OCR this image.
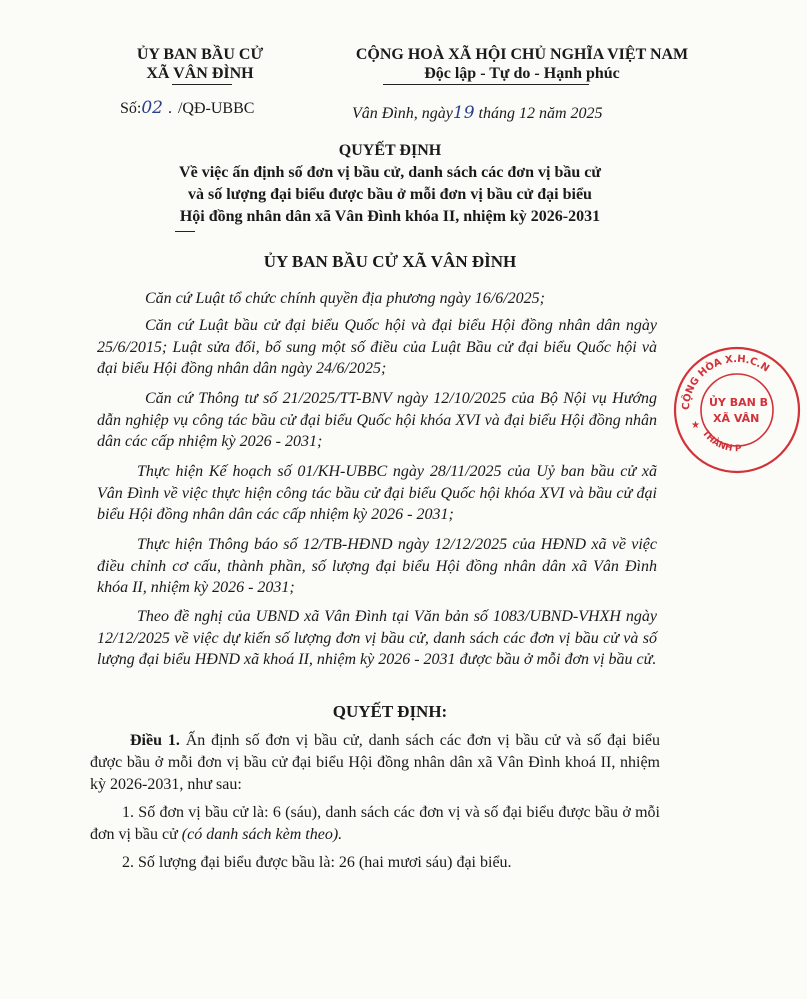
ỦY BAN BẦU CỬ
XÃ VÂN ĐÌNH
CỘNG HOÀ XÃ HỘI CHỦ NGHĨA VIỆT NAM
Độc lập - Tự do - Hạnh phúc
Số:02 . /QĐ-UBBC	Vân Đình, ngày19 tháng 12 năm 2025
QUYẾT ĐỊNH
Về việc ấn định số đơn vị bầu cử, danh sách các đơn vị bầu cử
và số lượng đại biểu được bầu ở mỗi đơn vị bầu cử đại biểu
Hội đồng nhân dân xã Vân Đình khóa II, nhiệm kỳ 2026-2031
ỦY BAN BẦU CỬ XÃ VÂN ĐÌNH
Căn cứ Luật tổ chức chính quyền địa phương ngày 16/6/2025;
Căn cứ Luật bầu cử đại biểu Quốc hội và đại biểu Hội đồng nhân dân ngày 25/6/2015; Luật sửa đổi, bổ sung một số điều của Luật Bầu cử đại biểu Quốc hội và đại biểu Hội đồng nhân dân ngày 24/6/2025;
Căn cứ Thông tư số 21/2025/TT-BNV ngày 12/10/2025 của Bộ Nội vụ Hướng dẫn nghiệp vụ công tác bầu cử đại biểu Quốc hội khóa XVI và đại biểu Hội đồng nhân dân các cấp nhiệm kỳ 2026 - 2031;
Thực hiện Kế hoạch số 01/KH-UBBC ngày 28/11/2025 của Uỷ ban bầu cử xã Vân Đình về việc thực hiện công tác bầu cử đại biểu Quốc hội khóa XVI và bầu cử đại biểu Hội đồng nhân dân các cấp nhiệm kỳ 2026 - 2031;
Thực hiện Thông báo số 12/TB-HĐND ngày 12/12/2025 của HĐND xã về việc điều chỉnh cơ cấu, thành phần, số lượng đại biểu Hội đồng nhân dân xã Vân Đình khóa II, nhiệm kỳ 2026 - 2031;
Theo đề nghị của UBND xã Vân Đình tại Văn bản số 1083/UBND-VHXH ngày 12/12/2025 về việc dự kiến số lượng đơn vị bầu cử, danh sách các đơn vị bầu cử và số lượng đại biểu HĐND xã khoá II, nhiệm kỳ 2026 - 2031 được bầu ở mỗi đơn vị bầu cử.
QUYẾT ĐỊNH:
Điều 1. Ấn định số đơn vị bầu cử, danh sách các đơn vị bầu cử và số đại biểu được bầu ở mỗi đơn vị bầu cử đại biểu Hội đồng nhân dân xã Vân Đình khoá II, nhiệm kỳ 2026-2031, như sau:
1. Số đơn vị bầu cử là: 6 (sáu), danh sách các đơn vị và số đại biểu được bầu ở mỗi đơn vị bầu cử (có danh sách kèm theo).
2. Số lượng đại biểu được bầu là: 26 (hai mươi sáu) đại biểu.
CỘNG HÒA X.H.C.N
ỦY BAN B
XÃ VÂN
THÀNH P
★
